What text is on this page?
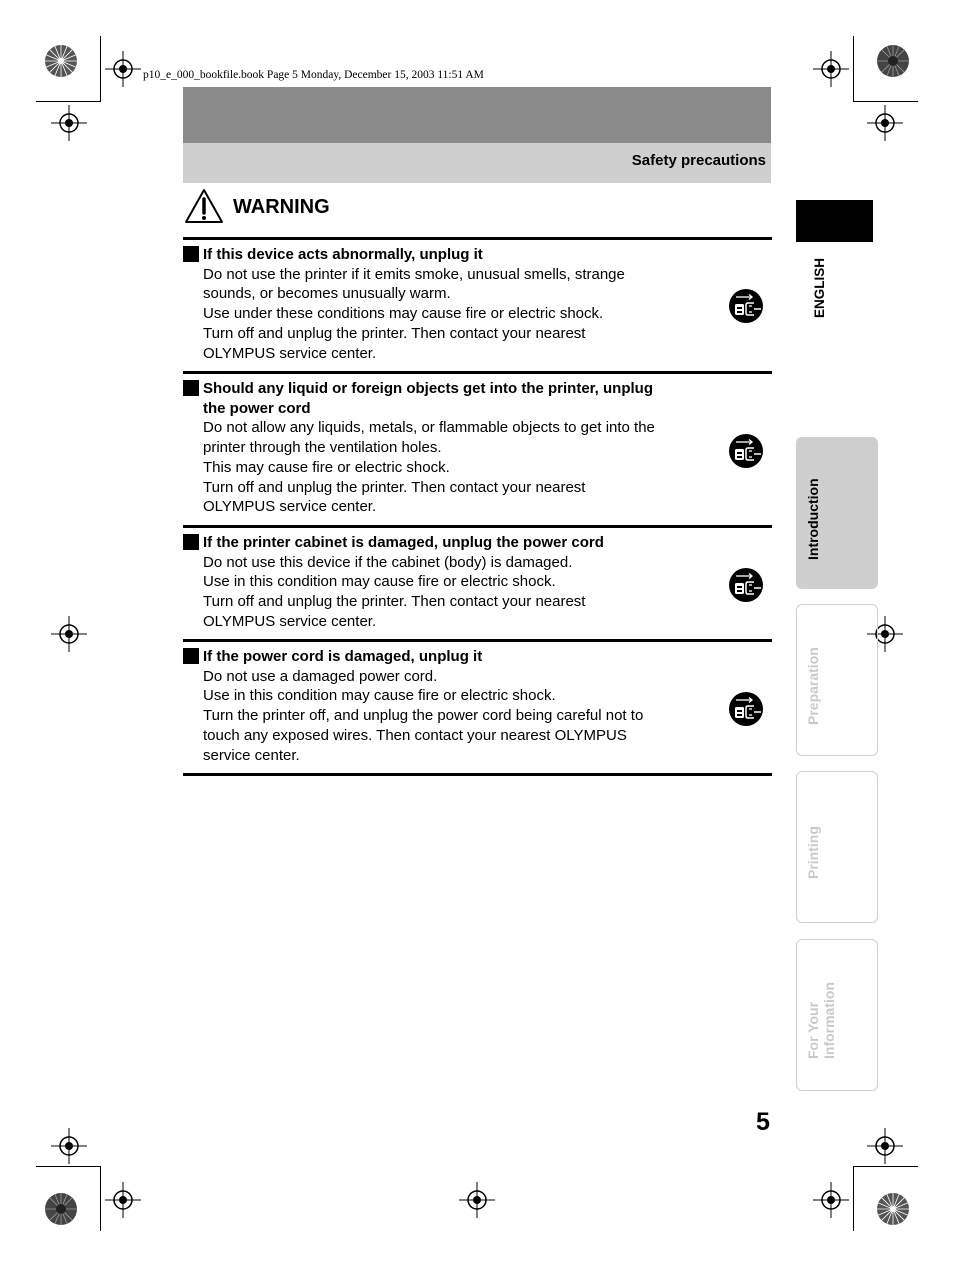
p10_e_000_bookfile.book Page 5 Monday, December 15, 2003 11:51 AM
Safety precautions
WARNING
If this device acts abnormally, unplug it
Do not use the printer if it emits smoke, unusual smells, strange
sounds, or becomes unusually warm.
Use under these conditions may cause fire or electric shock.
Turn off and unplug the printer. Then contact your nearest
OLYMPUS service center.
Should any liquid or foreign objects get into the printer, unplug
the power cord
Do not allow any liquids, metals, or flammable objects to get into the
printer through the ventilation holes.
This may cause fire or electric shock.
Turn off and unplug the printer. Then contact your nearest
OLYMPUS service center.
If the printer cabinet is damaged, unplug the power cord
Do not use this device if the cabinet (body) is damaged.
Use in this condition may cause fire or electric shock.
Turn off and unplug the printer. Then contact your nearest
OLYMPUS service center.
If the power cord is damaged, unplug it
Do not use a damaged power cord.
Use in this condition may cause fire or electric shock.
Turn the printer off, and unplug the power cord being careful not to
touch any exposed wires. Then contact your nearest OLYMPUS
service center.
ENGLISH
Introduction
Preparation
Printing
For Your Information
5
